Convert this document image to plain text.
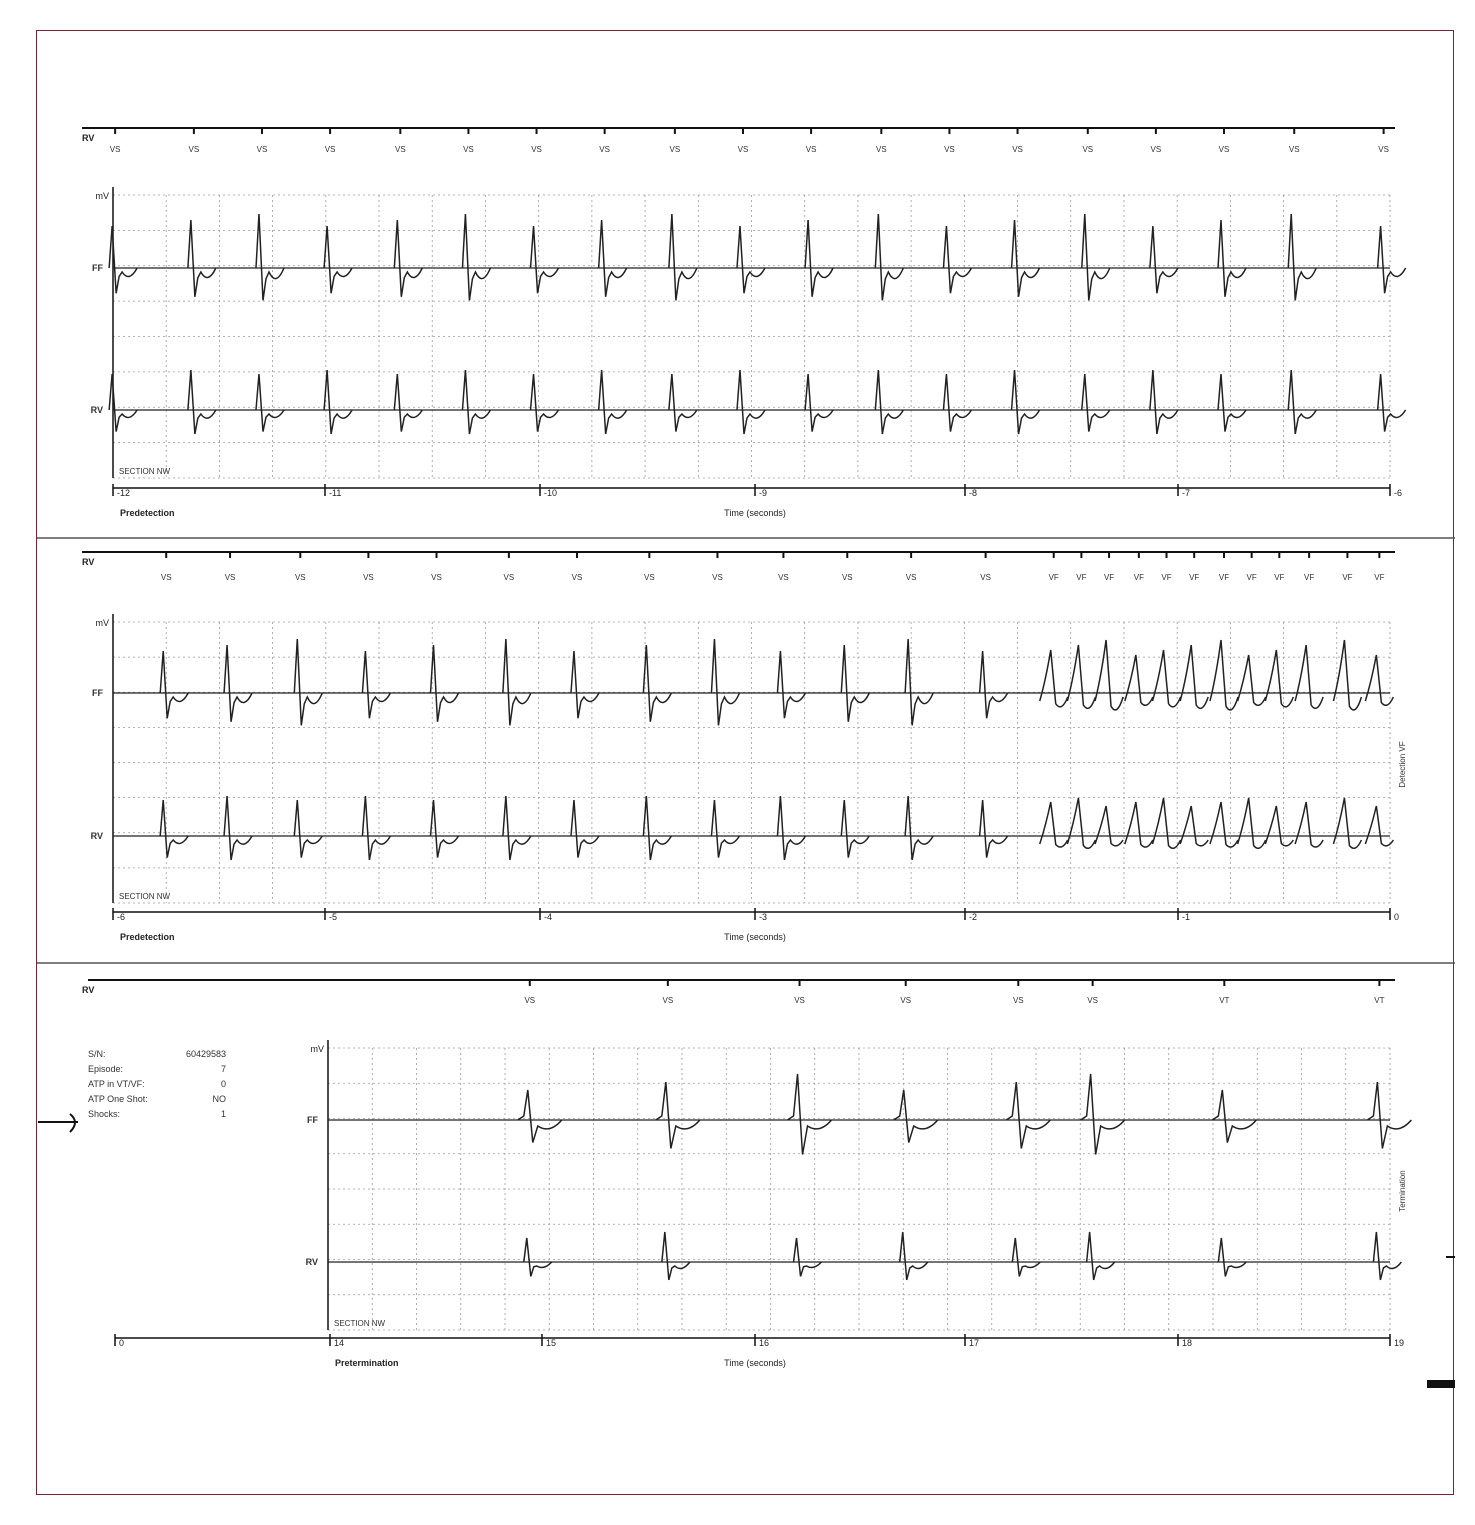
RV
mV
FF
RV
SECTION NW
VS	VS	VS	VS	VS	VS	VS	VS	VS	VS	VS	VS	VS	VS	VS	VS	VS	VS	VS
-12	-11	-10	-9	-8	-7	-6
Time (seconds)
Predetection
RV
mV
FF
RV
SECTION NW
VS	VS	VS	VS	VS	VS	VS	VS	VS	VS	VS	VS	VS	VF VF VF VF VF VF VF VF VF VF	VF	VF
-6	-5	-4	-3	-2	-1	0
Time (seconds)
Predetection
Detection VF
RV
mV
FF
RV
SECTION NW
VS	VS	VS	VS	VS	VS	VT	VT
0	14	15	16	17	18	19
Time (seconds)
Pretermination
Termination
S/N:	60429583
Episode:	7
ATP in VT/VF:	0
ATP One Shot:	NO
Shocks:	1
